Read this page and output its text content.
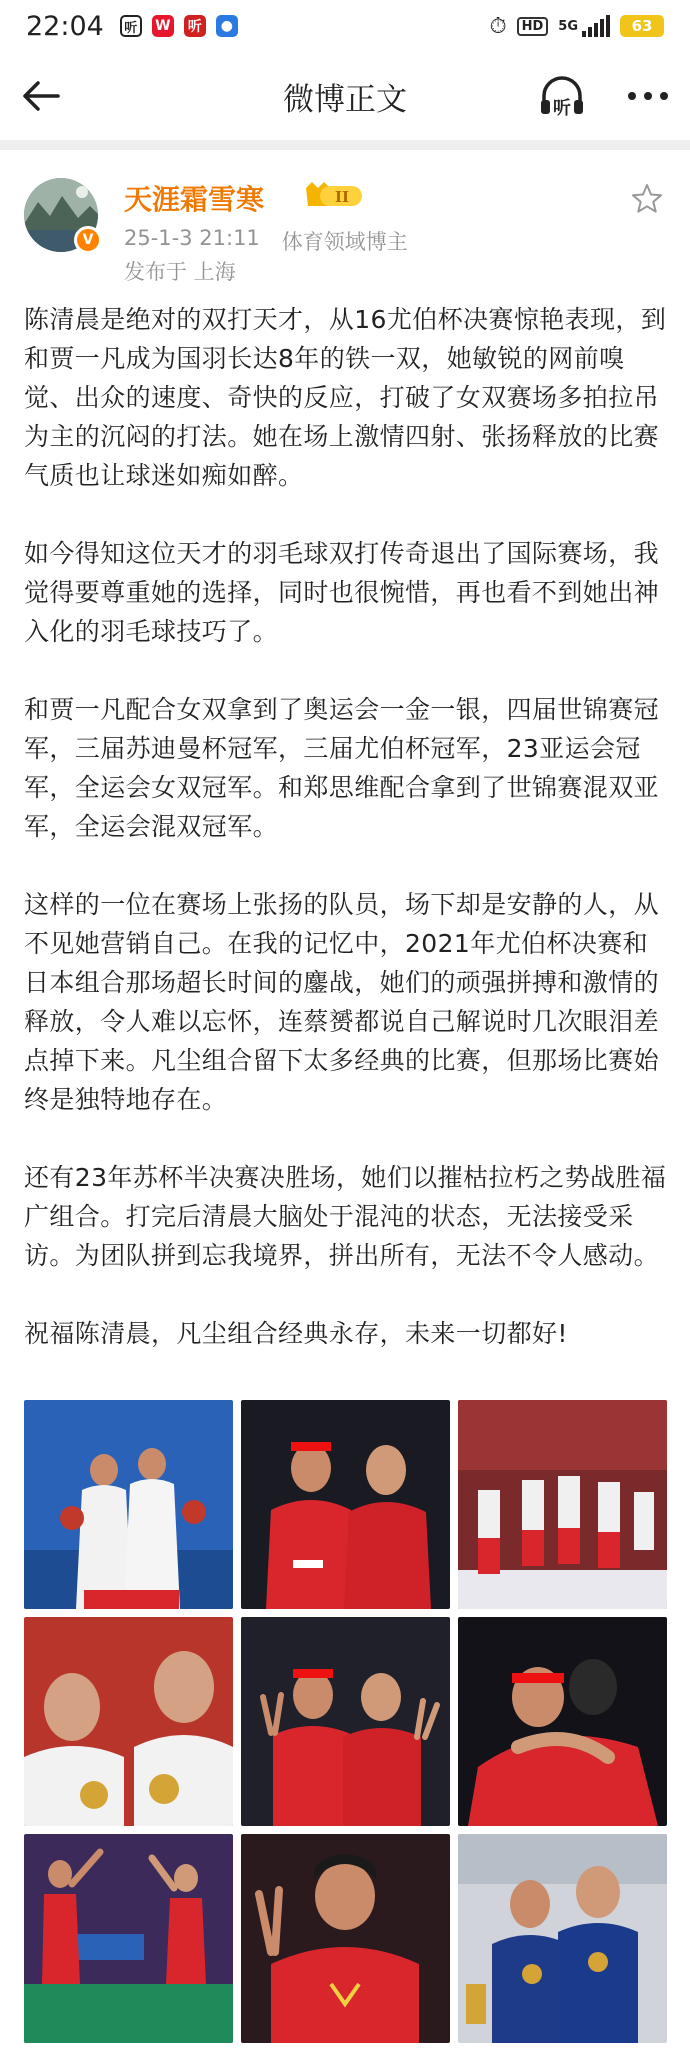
22:04	听	W 听	●	⏱	HD	5G	63
微博正文	听
V
天涯霜雪寒	II
25-1-3 21:11 体育领域博主
发布于 上海

陈清晨是绝对的双打天才，从16尤伯杯决赛惊艳表现，到和贾一凡成为国羽长达8年的铁一双，她敏锐的网前嗅觉、出众的速度、奇快的反应，打破了女双赛场多拍拉吊为主的沉闷的打法。她在场上激情四射、张扬释放的比赛气质也让球迷如痴如醉。

如今得知这位天才的羽毛球双打传奇退出了国际赛场，我觉得要尊重她的选择，同时也很惋惜，再也看不到她出神入化的羽毛球技巧了。

和贾一凡配合女双拿到了奥运会一金一银，四届世锦赛冠军，三届苏迪曼杯冠军，三届尤伯杯冠军，23亚运会冠军，全运会女双冠军。和郑思维配合拿到了世锦赛混双亚军，全运会混双冠军。

这样的一位在赛场上张扬的队员，场下却是安静的人，从不见她营销自己。在我的记忆中，2021年尤伯杯决赛和日本组合那场超长时间的鏖战，她们的顽强拼搏和激情的释放，令人难以忘怀，连蔡赟都说自己解说时几次眼泪差点掉下来。凡尘组合留下太多经典的比赛，但那场比赛始终是独特地存在。

还有23年苏杯半决赛决胜场，她们以摧枯拉朽之势战胜福广组合。打完后清晨大脑处于混沌的状态，无法接受采访。为团队拼到忘我境界，拼出所有，无法不令人感动。

祝福陈清晨，凡尘组合经典永存，未来一切都好!
